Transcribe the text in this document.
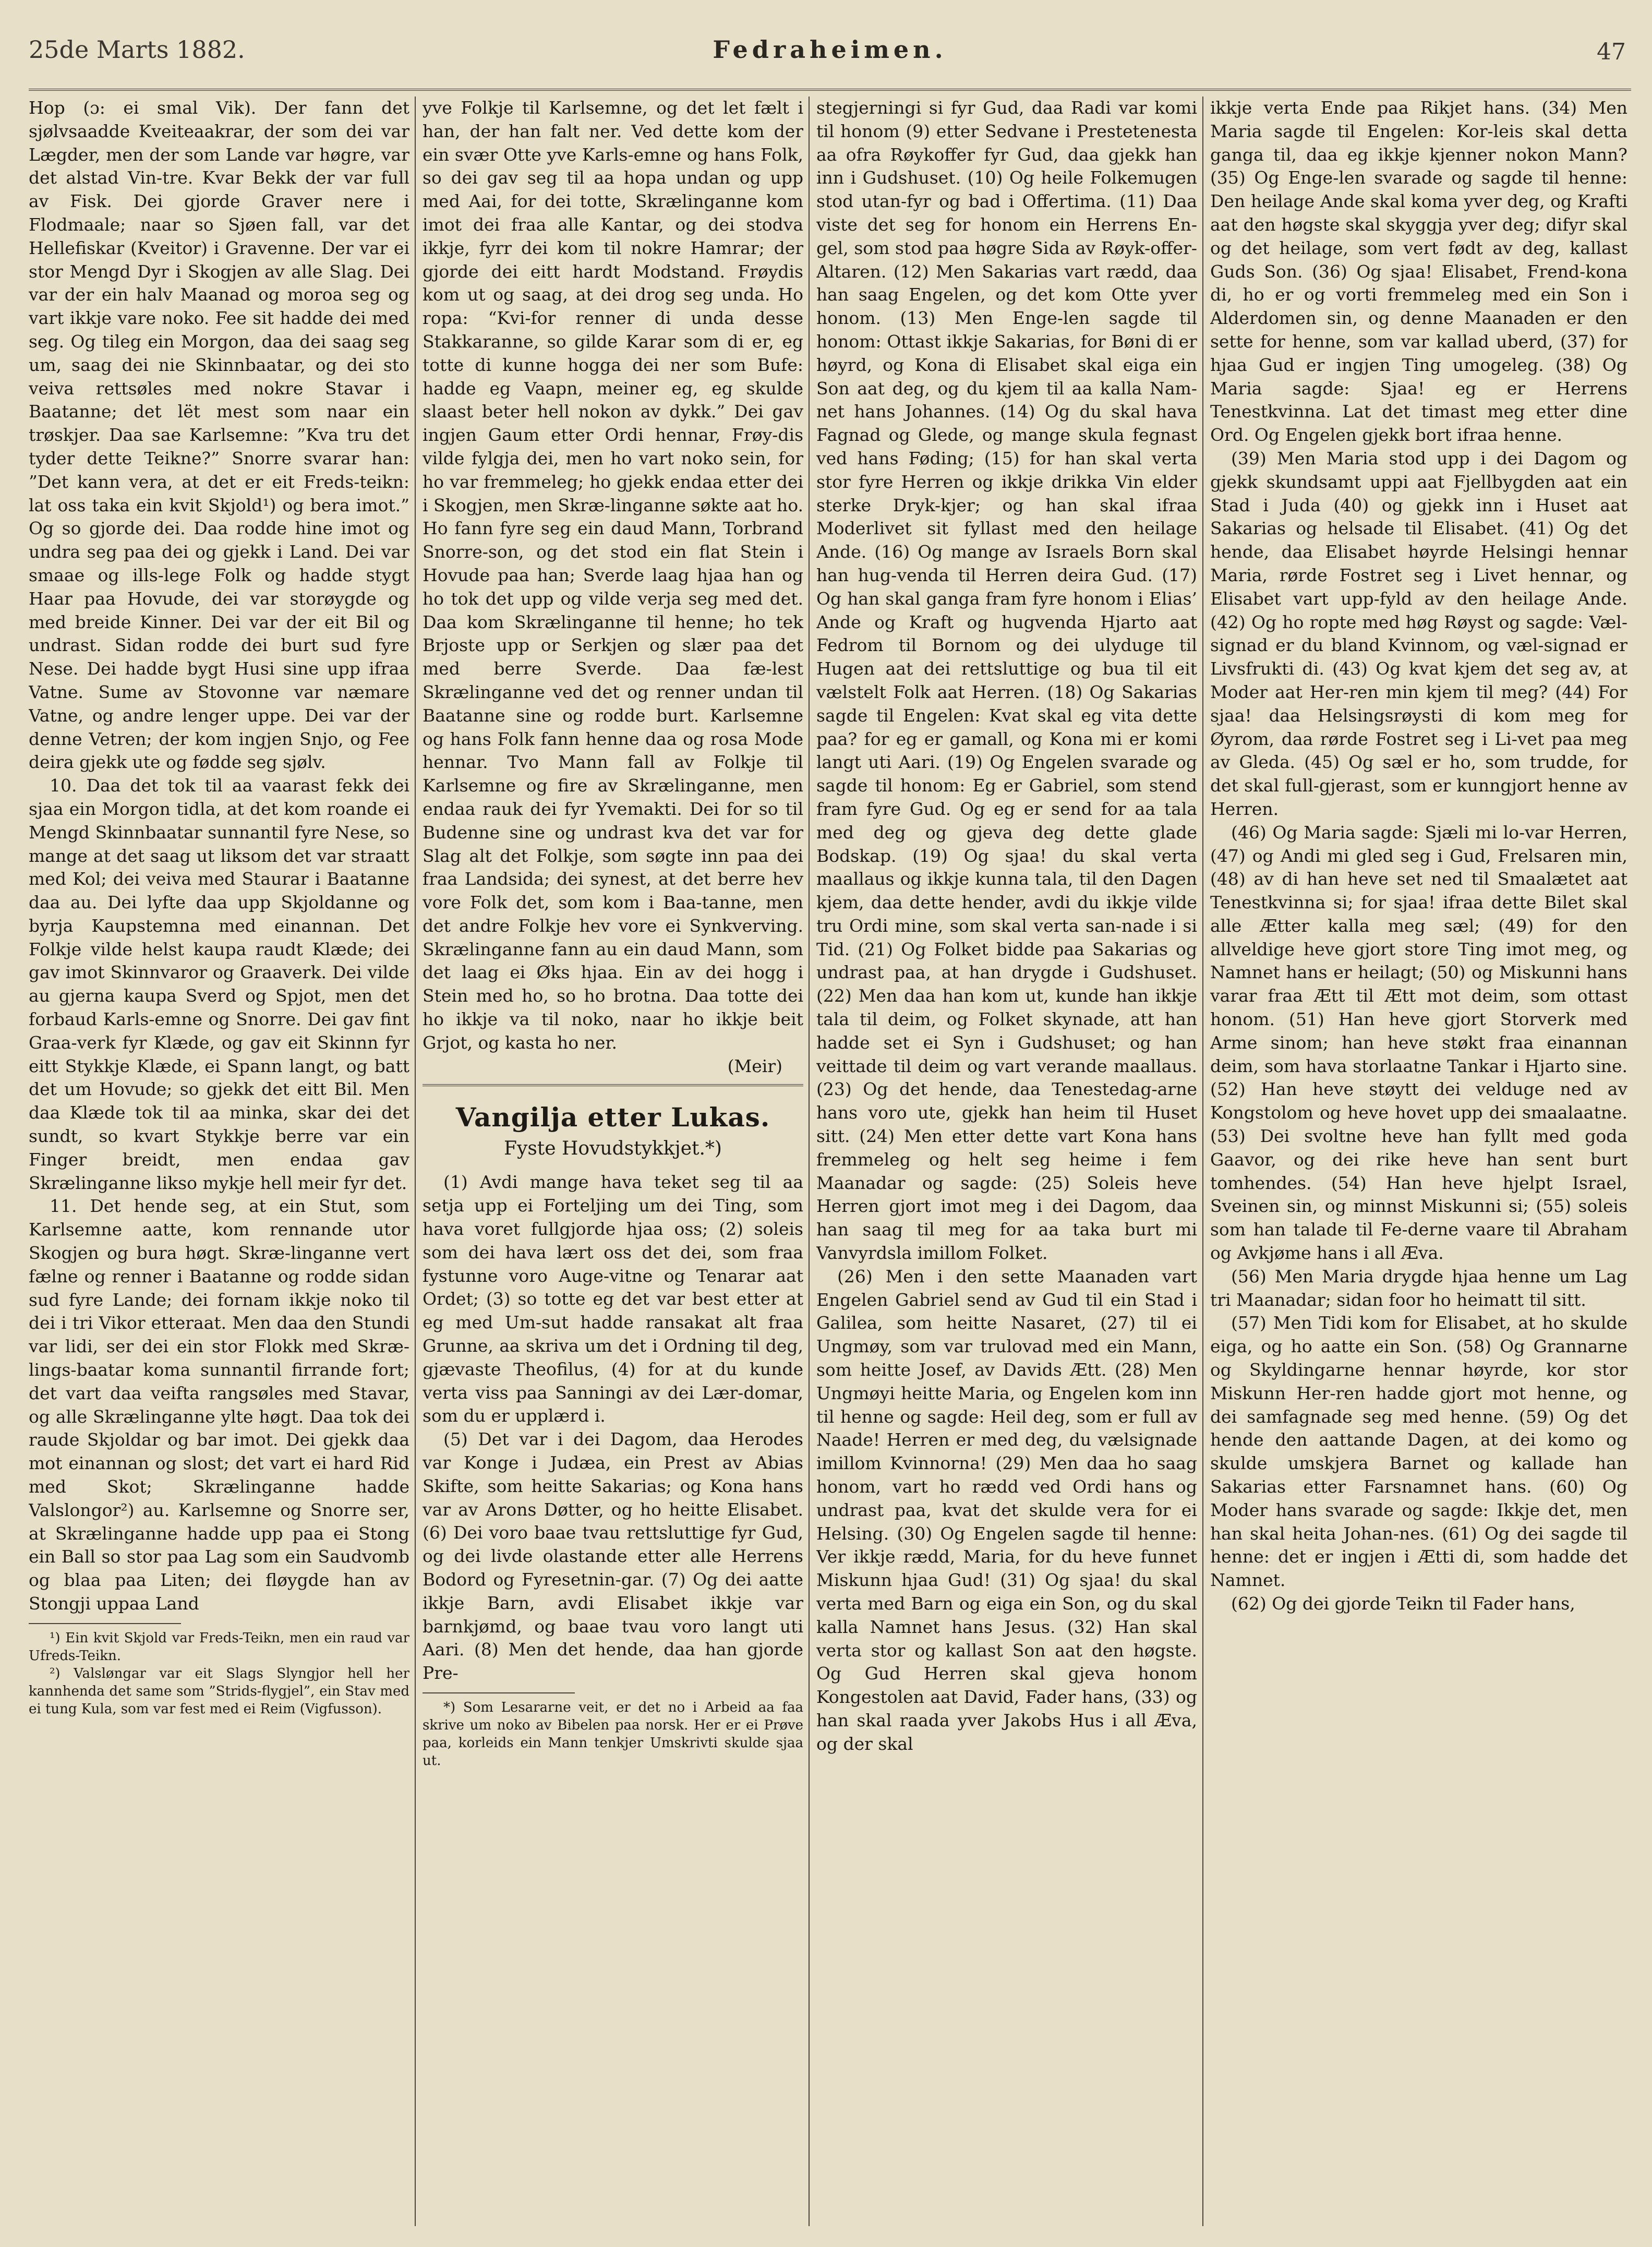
25de Marts 1882.	Fedraheimen.	47

Hop (ɔ: ei smal Vik). Der fann det sjølvsaadde Kveiteaakrar, der som dei var Lægder, men der som Lande var høgre, var det alstad Vin-tre. Kvar Bekk der var full av Fisk. Dei gjorde Graver nere i Flodmaale; naar so Sjøen fall, var det Hellefiskar (Kveitor) i Gravenne. Der var ei stor Mengd Dyr i Skogjen av alle Slag. Dei var der ein halv Maanad og moroa seg og vart ikkje vare noko. Fee sit hadde dei med seg. Og tileg ein Morgon, daa dei saag seg um, saag dei nie Skinnbaatar, og dei sto veiva rettsøles med nokre Stavar i Baatanne; det lët mest som naar ein trøskjer. Daa sae Karlsemne: ”Kva tru det tyder dette Teikne?” Snorre svarar han: ”Det kann vera, at det er eit Freds-teikn: lat oss taka ein kvit Skjold¹) og bera imot.” Og so gjorde dei. Daa rodde hine imot og undra seg paa dei og gjekk i Land. Dei var smaae og ills-lege Folk og hadde stygt Haar paa Hovude, dei var storøygde og med breide Kinner. Dei var der eit Bil og undrast. Sidan rodde dei burt sud fyre Nese. Dei hadde bygt Husi sine upp ifraa Vatne. Sume av Stovonne var næmare Vatne, og andre lenger uppe. Dei var der denne Vetren; der kom ingjen Snjo, og Fee deira gjekk ute og fødde seg sjølv.

10. Daa det tok til aa vaarast fekk dei sjaa ein Morgon tidla, at det kom roande ei Mengd Skinnbaatar sunnantil fyre Nese, so mange at det saag ut liksom det var straatt med Kol; dei veiva med Staurar i Baatanne daa au. Dei lyfte daa upp Skjoldanne og byrja Kaupstemna med einannan. Det Folkje vilde helst kaupa raudt Klæde; dei gav imot Skinnvaror og Graaverk. Dei vilde au gjerna kaupa Sverd og Spjot, men det forbaud Karls-emne og Snorre. Dei gav fint Graa-verk fyr Klæde, og gav eit Skinnn fyr eitt Stykkje Klæde, ei Spann langt, og batt det um Hovude; so gjekk det eitt Bil. Men daa Klæde tok til aa minka, skar dei det sundt, so kvart Stykkje berre var ein Finger breidt, men endaa gav Skrælinganne likso mykje hell meir fyr det.

11. Det hende seg, at ein Stut, som Karlsemne aatte, kom rennande utor Skogjen og bura høgt. Skræ-linganne vert fælne og renner i Baatanne og rodde sidan sud fyre Lande; dei fornam ikkje noko til dei i tri Vikor etteraat. Men daa den Stundi var lidi, ser dei ein stor Flokk med Skræ-lings-baatar koma sunnantil firrande fort; det vart daa veifta rangsøles med Stavar, og alle Skrælinganne ylte høgt. Daa tok dei raude Skjoldar og bar imot. Dei gjekk daa mot einannan og slost; det vart ei hard Rid med Skot; Skrælinganne hadde Valslongor²) au. Karlsemne og Snorre ser, at Skrælinganne hadde upp paa ei Stong ein Ball so stor paa Lag som ein Saudvomb og blaa paa Liten; dei fløygde han av Stongji uppaa Land

¹) Ein kvit Skjold var Freds-Teikn, men ein raud var Ufreds-Teikn.

²) Valsløngar var eit Slags Slyngjor hell her kannhenda det same som ”Strids-flygjel”, ein Stav med ei tung Kula, som var fest med ei Reim (Vigfusson).

yve Folkje til Karlsemne, og det let fælt i han, der han falt ner. Ved dette kom der ein svær Otte yve Karls-emne og hans Folk, so dei gav seg til aa hopa undan og upp med Aai, for dei totte, Skrælinganne kom imot dei fraa alle Kantar, og dei stodva ikkje, fyrr dei kom til nokre Hamrar; der gjorde dei eitt hardt Modstand. Frøydis kom ut og saag, at dei drog seg unda. Ho ropa: “Kvi-for renner di unda desse Stakkaranne, so gilde Karar som di er, eg totte di kunne hogga dei ner som Bufe: hadde eg Vaapn, meiner eg, eg skulde slaast beter hell nokon av dykk.” Dei gav ingjen Gaum etter Ordi hennar, Frøy-dis vilde fylgja dei, men ho vart noko sein, for ho var fremmeleg; ho gjekk endaa etter dei i Skogjen, men Skræ-linganne søkte aat ho. Ho fann fyre seg ein daud Mann, Torbrand Snorre-son, og det stod ein flat Stein i Hovude paa han; Sverde laag hjaa han og ho tok det upp og vilde verja seg med det. Daa kom Skrælinganne til henne; ho tek Brjoste upp or Serkjen og slær paa det med berre Sverde. Daa fæ-lest Skrælinganne ved det og renner undan til Baatanne sine og rodde burt. Karlsemne og hans Folk fann henne daa og rosa Mode hennar. Tvo Mann fall av Folkje til Karlsemne og fire av Skrælinganne, men endaa rauk dei fyr Yvemakti. Dei for so til Budenne sine og undrast kva det var for Slag alt det Folkje, som søgte inn paa dei fraa Landsida; dei synest, at det berre hev vore Folk det, som kom i Baa-tanne, men det andre Folkje hev vore ei Synkverving. Skrælinganne fann au ein daud Mann, som det laag ei Øks hjaa. Ein av dei hogg i Stein med ho, so ho brotna. Daa totte dei ho ikkje va til noko, naar ho ikkje beit Grjot, og kasta ho ner.

(Meir)

Vangilja etter Lukas.
Fyste Hovudstykkjet.*)

(1) Avdi mange hava teket seg til aa setja upp ei Forteljing um dei Ting, som hava voret fullgjorde hjaa oss; (2) soleis som dei hava lært oss det dei, som fraa fystunne voro Auge-vitne og Tenarar aat Ordet; (3) so totte eg det var best etter at eg med Um-sut hadde ransakat alt fraa Grunne, aa skriva um det i Ordning til deg, gjævaste Theofilus, (4) for at du kunde verta viss paa Sanningi av dei Lær-domar, som du er upplærd i.

(5) Det var i dei Dagom, daa Herodes var Konge i Judæa, ein Prest av Abias Skifte, som heitte Sakarias; og Kona hans var av Arons Døtter, og ho heitte Elisabet. (6) Dei voro baae tvau rettsluttige fyr Gud, og dei livde olastande etter alle Herrens Bodord og Fyresetnin-gar. (7) Og dei aatte ikkje Barn, avdi Elisabet ikkje var barnkjømd, og baae tvau voro langt uti Aari. (8) Men det hende, daa han gjorde Pre-

*) Som Lesararne veit, er det no i Arbeid aa faa skrive um noko av Bibelen paa norsk. Her er ei Prøve paa, korleids ein Mann tenkjer Umskrivti skulde sjaa ut.

stegjerningi si fyr Gud, daa Radi var komi til honom (9) etter Sedvane i Prestetenesta aa ofra Røykoffer fyr Gud, daa gjekk han inn i Gudshuset. (10) Og heile Folkemugen stod utan-fyr og bad i Offertima. (11) Daa viste det seg for honom ein Herrens En-gel, som stod paa høgre Sida av Røyk-offer-Altaren. (12) Men Sakarias vart rædd, daa han saag Engelen, og det kom Otte yver honom. (13) Men Enge-len sagde til honom: Ottast ikkje Sakarias, for Bøni di er høyrd, og Kona di Elisabet skal eiga ein Son aat deg, og du kjem til aa kalla Nam-net hans Johannes. (14) Og du skal hava Fagnad og Glede, og mange skula fegnast ved hans Føding; (15) for han skal verta stor fyre Herren og ikkje drikka Vin elder sterke Dryk-kjer; og han skal ifraa Moderlivet sit fyllast med den heilage Ande. (16) Og mange av Israels Born skal han hug-venda til Herren deira Gud. (17) Og han skal ganga fram fyre honom i Elias’ Ande og Kraft og hugvenda Hjarto aat Fedrom til Bornom og dei ulyduge til Hugen aat dei rettsluttige og bua til eit vælstelt Folk aat Herren. (18) Og Sakarias sagde til Engelen: Kvat skal eg vita dette paa? for eg er gamall, og Kona mi er komi langt uti Aari. (19) Og Engelen svarade og sagde til honom: Eg er Gabriel, som stend fram fyre Gud. Og eg er send for aa tala med deg og gjeva deg dette glade Bodskap. (19) Og sjaa! du skal verta maallaus og ikkje kunna tala, til den Dagen kjem, daa dette hender, avdi du ikkje vilde tru Ordi mine, som skal verta san-nade i si Tid. (21) Og Folket bidde paa Sakarias og undrast paa, at han drygde i Gudshuset. (22) Men daa han kom ut, kunde han ikkje tala til deim, og Folket skynade, att han hadde set ei Syn i Gudshuset; og han veittade til deim og vart verande maallaus. (23) Og det hende, daa Tenestedag-arne hans voro ute, gjekk han heim til Huset sitt. (24) Men etter dette vart Kona hans fremmeleg og helt seg heime i fem Maanadar og sagde: (25) Soleis heve Herren gjort imot meg i dei Dagom, daa han saag til meg for aa taka burt mi Vanvyrdsla imillom Folket.

(26) Men i den sette Maanaden vart Engelen Gabriel send av Gud til ein Stad i Galilea, som heitte Nasaret, (27) til ei Ungmøy, som var trulovad med ein Mann, som heitte Josef, av Davids Ætt. (28) Men Ungmøyi heitte Maria, og Engelen kom inn til henne og sagde: Heil deg, som er full av Naade! Herren er med deg, du vælsignade imillom Kvinnorna! (29) Men daa ho saag honom, vart ho rædd ved Ordi hans og undrast paa, kvat det skulde vera for ei Helsing. (30) Og Engelen sagde til henne: Ver ikkje rædd, Maria, for du heve funnet Miskunn hjaa Gud! (31) Og sjaa! du skal verta med Barn og eiga ein Son, og du skal kalla Namnet hans Jesus. (32) Han skal verta stor og kallast Son aat den høgste. Og Gud Herren skal gjeva honom Kongestolen aat David, Fader hans, (33) og han skal raada yver Jakobs Hus i all Æva, og der skal

ikkje verta Ende paa Rikjet hans. (34) Men Maria sagde til Engelen: Kor-leis skal detta ganga til, daa eg ikkje kjenner nokon Mann? (35) Og Enge-len svarade og sagde til henne: Den heilage Ande skal koma yver deg, og Krafti aat den høgste skal skyggja yver deg; difyr skal og det heilage, som vert født av deg, kallast Guds Son. (36) Og sjaa! Elisabet, Frend-kona di, ho er og vorti fremmeleg med ein Son i Alderdomen sin, og denne Maanaden er den sette for henne, som var kallad uberd, (37) for hjaa Gud er ingjen Ting umogeleg. (38) Og Maria sagde: Sjaa! eg er Herrens Tenestkvinna. Lat det timast meg etter dine Ord. Og Engelen gjekk bort ifraa henne.

(39) Men Maria stod upp i dei Dagom og gjekk skundsamt uppi aat Fjellbygden aat ein Stad i Juda (40) og gjekk inn i Huset aat Sakarias og helsade til Elisabet. (41) Og det hende, daa Elisabet høyrde Helsingi hennar Maria, rørde Fostret seg i Livet hennar, og Elisabet vart upp-fyld av den heilage Ande. (42) Og ho ropte med høg Røyst og sagde: Væl-signad er du bland Kvinnom, og væl-signad er Livsfrukti di. (43) Og kvat kjem det seg av, at Moder aat Her-ren min kjem til meg? (44) For sjaa! daa Helsingsrøysti di kom meg for Øyrom, daa rørde Fostret seg i Li-vet paa meg av Gleda. (45) Og sæl er ho, som trudde, for det skal full-gjerast, som er kunngjort henne av Herren.

(46) Og Maria sagde: Sjæli mi lo-var Herren, (47) og Andi mi gled seg i Gud, Frelsaren min, (48) av di han heve set ned til Smaalætet aat Tenestkvinna si; for sjaa! ifraa dette Bilet skal alle Ætter kalla meg sæl; (49) for den allveldige heve gjort store Ting imot meg, og Namnet hans er heilagt; (50) og Miskunni hans varar fraa Ætt til Ætt mot deim, som ottast honom. (51) Han heve gjort Storverk med Arme sinom; han heve støkt fraa einannan deim, som hava storlaatne Tankar i Hjarto sine. (52) Han heve støytt dei velduge ned av Kongstolom og heve hovet upp dei smaalaatne. (53) Dei svoltne heve han fyllt med goda Gaavor, og dei rike heve han sent burt tomhendes. (54) Han heve hjelpt Israel, Sveinen sin, og minnst Miskunni si; (55) soleis som han talade til Fe-derne vaare til Abraham og Avkjøme hans i all Æva.

(56) Men Maria drygde hjaa henne um Lag tri Maanadar; sidan foor ho heimatt til sitt.

(57) Men Tidi kom for Elisabet, at ho skulde eiga, og ho aatte ein Son. (58) Og Grannarne og Skyldingarne hennar høyrde, kor stor Miskunn Her-ren hadde gjort mot henne, og dei samfagnade seg med henne. (59) Og det hende den aattande Dagen, at dei komo og skulde umskjera Barnet og kallade han Sakarias etter Farsnamnet hans. (60) Og Moder hans svarade og sagde: Ikkje det, men han skal heita Johan-nes. (61) Og dei sagde til henne: det er ingjen i Ætti di, som hadde det Namnet.

(62) Og dei gjorde Teikn til Fader hans,
